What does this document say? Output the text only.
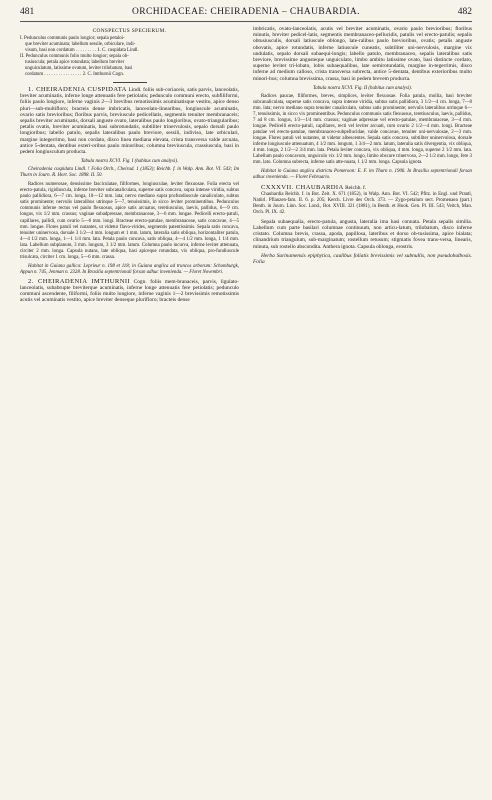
481	ORCHIDACEAE: CHEIRADENIA – CHAUBARDIA.	482
CONSPECTUS SPECIERUM.
I. Pedunculus communis paulo longior; sepala petaloi-
que breviter acuminata; labellum sessile, orbiculare, indi-
visum, basi non cordatum . . . . . . . . . 1. C. cuspidata Lindl.
II. Pedunculus communis folio multo longior; sepala ob-
tusiuscula; petala apice rotundata; labellum breviter
unguiculatum, latissime ovatum, leviter trilobatum, basi
cordatum . . . . . . . . . . . . . . . . 2. C. Imthurnii Cogn.

1. CHEIRADENIA CUSPIDATA Lindl. foliis sub-coriaceis, satis parvis, lanceolatis, breviter acuminatis, inferne longe attenuatis fere petiolatis; pedunculo communi erecto, subfiliformi, foliis paulo longiore, inferne vaginis 2—3 brevibus remotissimis acuminatisque vestito, apice denso pluri—sub-multiflorо; bracteis dense imbricatis, lanceolato-linearibus, longiuscule acuminatis, ovario satis brevioribus; floribus parvis, breviuscule pedicellatis, segmentis tenuiter membranaceis; sepalis breviter acuminatis, dorsali anguste ovato, lateralibus paulo longioribus, ovato-triangularibus; petalis ovatis, breviter acuminatis, basi subrotundatis, subtiliter trinervulosis, sepalo dorsali paulo longioribus; labello patulo, sepalis lateralibus paulo breviore, sessili, indiviso, late orbiculari, margine integerrimo, basi non cordato, disco linea mediana elevata, crista transversa valde arcuata, antice 5-dentata, dentibus exteri-oribus paulo minoribus; columna breviuscula, crassiuscula, basi in pedem longiusculum producta.

Tabula nostra XCVI. Fig. I (habitus cum analysi).

Cheiradenia cuspidata Lindl. ! Folia Orch., Cheirad. 1 (1853); Reichb. f. in Walp. Ann. Bot. VI. 543; Im Thurn in Journ. R. Hort. Soc. 1898. II. 50.

Radices numerosae, densissime fasciculatae, filiformes, longiusculae, leviter flexuosae. Folia erecta vel erecto-patula, rigidiuscula, inferne breviter subcanaliculata, superne satis concava, supra intense viridia, subtus paulo pallidiora, 6—7 cm. longa, 10—12 mm. lata; nervo medianо supra profundiuscule canaliculato, subtus satis prominente; nervulis lateralibus utrinque 5—7, tenuissimis, in sicco leviter prominentibus. Pedunculus communis inferne rectus vel paulo flexuosus, apice satis arcuatus, teretiusculus, laevis, pallidus, 6—9 cm. longus, vix 1/2 mm. crassus; vaginae subadpressae, membranaceae, 3—6 mm. longae. Pedicelli erecto-patuli, capillares, pallidi, cum ovario 5—6 mm. longi. Bracteae erecto-patulae, membranaceae, satis concavae, 4—5 mm. longae. Flores patuli vel nutantes, ut videtur flavo-virides, segmentis patentissimis. Sepala satis concava, tenuiter uninervosa, dorsale 3 1/2—4 mm. longum et 1 mm. latum, lateralia satis obliqua, horizontaliter patula, 4—4 1/2 mm. longa, 1—1 1/4 mm. lata. Petala paulo concava, satis obliqua, 4—4 1/2 mm. longa, 1 1/4 mm. lata. Labellum subplanum, 3 mm. longum, 3 1/2 mm. latum. Columna paulo incurva, inferne leviter attenuata, circiter 2 mm. longa. Capsula nutans, late obliqua, basi apiceque rotundata, vix obliqua, pro-fundiuscule trisulcata, circiter 1 cm. longa, 5—6 mm. crassa.

Habitat in Guiana gallica: Leprieur n. 198 et 118; in Guiana anglica ad truncos arborum: Schomburgk, Appun n. 745, Jenman n. 2328. In Brasilia septentrionali forsan adhuc inveniendа. — Floret Novembri.

2. CHEIRADENIA IMTHURNII Cogn. foliis mem-branaceis, parvis, ligulato-lanceolatis, subabrupte breviterque acuminatis, inferne longe attenuatis fere petiolatis; pedunculo communi ascendente, filiformi, foliis multo longiore, inferne vaginis 1—2 brevissimis remotissimis acutis vel acuminatis vestito, apice breviter denseque pluriflorо; bracteis dense

imbricatis, ovato-lanceolatis, acutis vel breviter acuminatis, ovario paulo brevioribus; floribus minutis, breviter pedicel-latis, segmentis membranaceo-pellucidis, patulis vel erecto-patulis; sepalis obtusiusculis, dorsali latiuscule oblongo, late-ralibus paulo brevioribus, ovatis; petalis anguste obovatis, apice rotundatis, inferne latiuscule cuneatis, subtiliter uni-nervulosis, margine vix undulatis, sepalo dorsali subaequi-longis; labello patulo, membranaceo, sepalis lateralibus satis breviore, brevissime angusteque unguiculato, limbo ambitu latissime ovato, basi distincte cordato, superne leviter tri-lobato, lobis subaequalibus, late semirotundatis, margine in-tegerrimis, disco inferne ad medium calloso, crista transversa subrecta, antice 5-dentata, dentibus exterioribus multo minori-bus; columna brevissima, crassa, basi in pedem brevem producta.

Tabula nostra XCVI. Fig. II (habitus cum analysi).

Radices paucae, filiformes, breves, simplices, leviter flexuosae. Folia patula, mollia, basi breviter subcanaliculata, superne satis concava, supra intense viridia, subtus satis pallidiora, 3 1/2—4 cm. longa, 7—8 mm. lata; nervo mediano supra tenuiter canaliculato, subtus satis prominente; nervulis lateralibus utrinque 6—7, tenuissimis, in sicco vix prominentibus. Pedunculus communis satis flexuosus, teretiusculus, laevis, pallidus, 7 ad 8 cm. longus, 1/3—1/4 mm. crassus; vaginae adpressae vel erecto-patulae, membranaceae, 3—4 mm. longae. Pedicelli erecto-patuli, capillares, recti vel leviter arcuati, cum ovario 2 1/2—4 mm. longi. Bracteae patulae vel erecto-patulae, membranaceo-subpellucidae, valde concavae, tenuiter uni-nervulosae, 2—3 mm. longae. Flores patuli vel nutantes, ut videtur albescentes. Sepala satis concava, subtiliter uninervulosa, dorsale inferne longiuscule attenuatum, 4 1/2 mm. longum, 1 3/4—2 mm. latum, lateralia satis divergentia, vix obliqua, 4 mm. longa, 2 1/2—2 3/4 mm. lata. Petala leviter concava, vix obliqua, 4 mm. longa, superne 2 1/2 mm. lata. Labellum paulo concavum, unguiculo vix 1/2 mm. longo, limbo obscure trinervoso, 2—2 1/2 mm. longo, fere 3 mm. lato. Columna subrecta, inferne satis atte-nuata, 1 1/2 mm. longa. Capsula ignota.

Habitat in Guiana anglica districtu Pomeroon: E. F. im Thurn n. 1906. In Brasilia septentrionali forsan adhuc invenienda. — Floret Februario.

CXXXVII. CHAUBARDIA Reichb. f.

Chaubardia Reichb. f. in Bot. Zeit. X. 671 (1852), in Walp. Ann. Bot. VI. 542; Pfitz. in Engl. und Prantl, Natürl. Pflanzen-fam. II. 6. p. 205; Kerch. Livre des Orch. 373. — Zygo-petalum sect. Promenaea (part.) Benth. in Journ. Linn. Soc. Lond., Bot. XVIII. 321 (1881), in Benth. et Hook. Gen. Pl. III. 543; Veitch, Man. Orch. Pl. IX. 42.

Sepala subaequalia, erecto-patula, angusta, lateralia ima basi connata. Petala sepalis similia. Labellum cum parte basilari columnae continuum, non articu-latum, trilobatum, disco inferne cristato. Columna brevis, crassa, apoda, papillosa, lateribus et dorso ob-tusissima, apice bialata; clinandrium triangulum, sub-marginatum; rostellum retusum; stigmatis fovea trans-versa, linearis, minuta, sub rostello abscondita. Anthera ignota. Capsula oblonga, erostris.

Herba Surinamensis epiphytica, caulibus foliatis brevissimis vel subnullis, non pseudobulbosis. Folia
